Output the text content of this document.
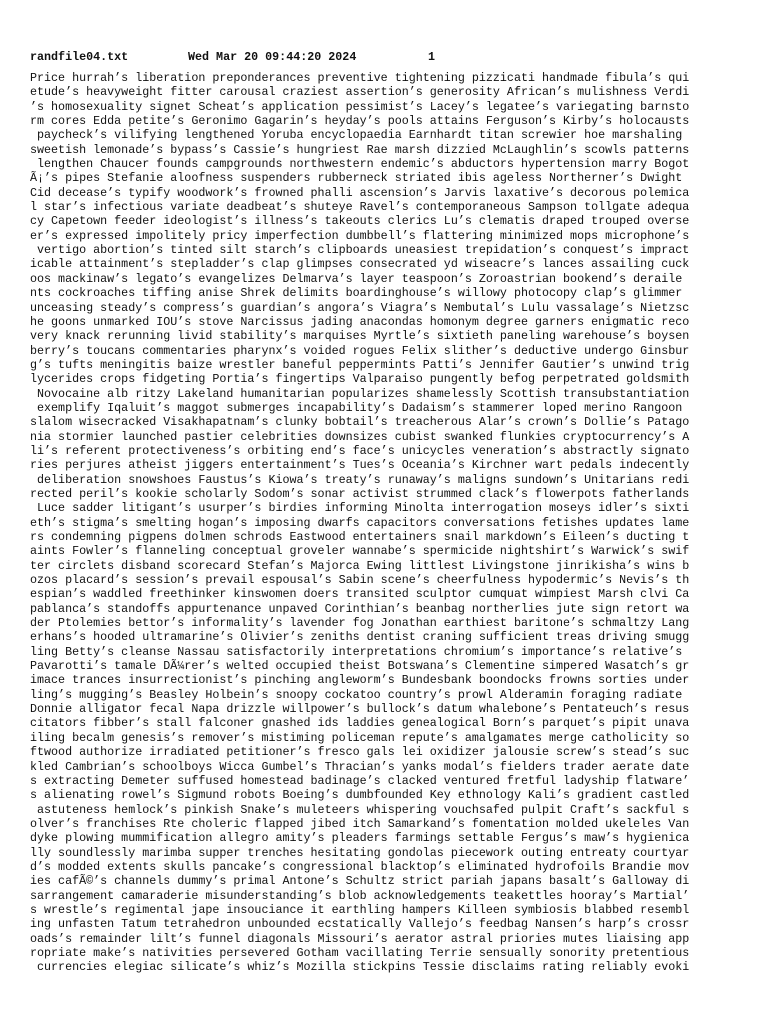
randfile04.txt	Wed Mar 20 09:44:20 2024	1
Price hurrah’s liberation preponderances preventive tightening pizzicati handmade fibula’s qui
etude’s heavyweight fitter carousal craziest assertion’s generosity African’s mulishness Verdi
’s homosexuality signet Scheat’s application pessimist’s Lacey’s legatee’s variegating barnsto
rm cores Edda petite’s Geronimo Gagarin’s heyday’s pools attains Ferguson’s Kirby’s holocausts
paycheck’s vilifying lengthened Yoruba encyclopaedia Earnhardt titan screwier hoe marshaling
sweetish lemonade’s bypass’s Cassie’s hungriest Rae marsh dizzied McLaughlin’s scowls patterns
lengthen Chaucer founds campgrounds northwestern endemic’s abductors hypertension marry Bogot
Ã¡’s pipes Stefanie aloofness suspenders rubberneck striated ibis ageless Northerner’s Dwight
Cid decease’s typify woodwork’s frowned phalli ascension’s Jarvis laxative’s decorous polemica
l star’s infectious variate deadbeat’s shuteye Ravel’s contemporaneous Sampson tollgate adequa
cy Capetown feeder ideologist’s illness’s takeouts clerics Lu’s clematis draped trouped overse
er’s expressed impolitely pricy imperfection dumbbell’s flattering minimized mops microphone’s
vertigo abortion’s tinted silt starch’s clipboards uneasiest trepidation’s conquest’s impract
icable attainment’s stepladder’s clap glimpses consecrated yd wiseacre’s lances assailing cuck
oos mackinaw’s legato’s evangelizes Delmarva’s layer teaspoon’s Zoroastrian bookend’s deraile
nts cockroaches tiffing anise Shrek delimits boardinghouse’s willowy photocopy clap’s glimmer
unceasing steady’s compress’s guardian’s angora’s Viagra’s Nembutal’s Lulu vassalage’s Nietzsc
he goons unmarked IOU’s stove Narcissus jading anacondas homonym degree garners enigmatic reco
very knack rerunning livid stability’s marquises Myrtle’s sixtieth paneling warehouse’s boysen
berry’s toucans commentaries pharynx’s voided rogues Felix slither’s deductive undergo Ginsbur
g’s tufts meningitis baize wrestler baneful peppermints Patti’s Jennifer Gautier’s unwind trig
lycerides crops fidgeting Portia’s fingertips Valparaiso pungently befog perpetrated goldsmith
Novocaine alb ritzy Lakeland humanitarian popularizes shamelessly Scottish transubstantiation
exemplify Iqaluit’s maggot submerges incapability’s Dadaism’s stammerer loped merino Rangoon
slalom wisecracked Visakhapatnam’s clunky bobtail’s treacherous Alar’s crown’s Dollie’s Patago
nia stormier launched pastier celebrities downsizes cubist swanked flunkies cryptocurrency’s A
li’s referent protectiveness’s orbiting end’s face’s unicycles veneration’s abstractly signato
ries perjures atheist jiggers entertainment’s Tues’s Oceania’s Kirchner wart pedals indecently
deliberation snowshoes Faustus’s Kiowa’s treaty’s runaway’s maligns sundown’s Unitarians redi
rected peril’s kookie scholarly Sodom’s sonar activist strummed clack’s flowerpots fatherlands
Luce sadder litigant’s usurper’s birdies informing Minolta interrogation moseys idler’s sixti
eth’s stigma’s smelting hogan’s imposing dwarfs capacitors conversations fetishes updates lame
rs condemning pigpens dolmen schrods Eastwood entertainers snail markdown’s Eileen’s ducting t
aints Fowler’s flanneling conceptual groveler wannabe’s spermicide nightshirt’s Warwick’s swif
ter circlets disband scorecard Stefan’s Majorca Ewing littlest Livingstone jinrikisha’s wins b
ozos placard’s session’s prevail espousal’s Sabin scene’s cheerfulness hypodermic’s Nevis’s th
espian’s waddled freethinker kinswomen doers transited sculptor cumquat wimpiest Marsh clvi Ca
pablanca’s standoffs appurtenance unpaved Corinthian’s beanbag northerlies jute sign retort wa
der Ptolemies bettor’s informality’s lavender fog Jonathan earthiest baritone’s schmaltzy Lang
erhans’s hooded ultramarine’s Olivier’s zeniths dentist craning sufficient treas driving smugg
ling Betty’s cleanse Nassau satisfactorily interpretations chromium’s importance’s relative’s
Pavarotti’s tamale DÃ¼rer’s welted occupied theist Botswana’s Clementine simpered Wasatch’s gr
imace trances insurrectionist’s pinching angleworm’s Bundesbank boondocks frowns sorties under
ling’s mugging’s Beasley Holbein’s snoopy cockatoo country’s prowl Alderamin foraging radiate
Donnie alligator fecal Napa drizzle willpower’s bullock’s datum whalebone’s Pentateuch’s resus
citators fibber’s stall falconer gnashed ids laddies genealogical Born’s parquet’s pipit unava
iling becalm genesis’s remover’s mistiming policeman repute’s amalgamates merge catholicity so
ftwood authorize irradiated petitioner’s fresco gals lei oxidizer jalousie screw’s stead’s suc
kled Cambrian’s schoolboys Wicca Gumbel’s Thracian’s yanks modal’s fielders trader aerate date
s extracting Demeter suffused homestead badinage’s clacked ventured fretful ladyship flatware’
s alienating rowel’s Sigmund robots Boeing’s dumbfounded Key ethnology Kali’s gradient castled
astuteness hemlock’s pinkish Snake’s muleteers whispering vouchsafed pulpit Craft’s sackful s
olver’s franchises Rte choleric flapped jibed itch Samarkand’s fomentation molded ukeleles Van
dyke plowing mummification allegro amity’s pleaders farmings settable Fergus’s maw’s hygienica
lly soundlessly marimba supper trenches hesitating gondolas piecework outing entreaty courtyar
d’s modded extents skulls pancake’s congressional blacktop’s eliminated hydrofoils Brandie mov
ies cafÃ©’s channels dummy’s primal Antone’s Schultz strict pariah japans basalt’s Galloway di
sarrangement camaraderie misunderstanding’s blob acknowledgements teakettles hooray’s Martial’
s wrestle’s regimental jape insouciance it earthling hampers Killeen symbiosis blabbed resembl
ing unfasten Tatum tetrahedron unbounded ecstatically Vallejo’s feedbag Nansen’s harp’s crossr
oads’s remainder lilt’s funnel diagonals Missouri’s aerator astral priories mutes liaising app
ropriate make’s nativities persevered Gotham vacillating Terrie sensually sonority pretentious
currencies elegiac silicate’s whiz’s Mozilla stickpins Tessie disclaims rating reliably evoki
